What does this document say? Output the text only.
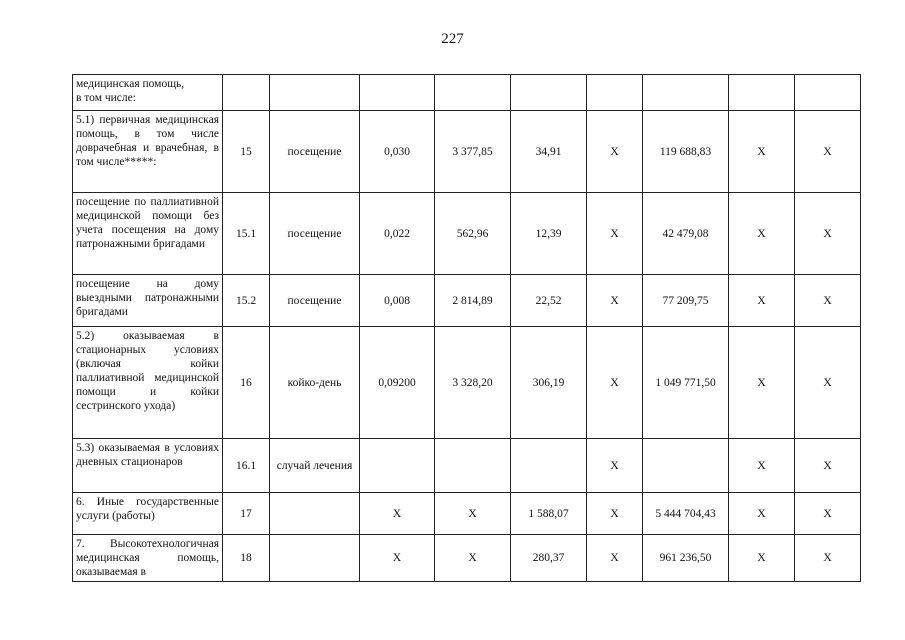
227
медицинская помощь,
в том числе:									

5.1) первичная медицинская помощь, в том числе доврачебная и врачебная, в том числе*****:	15	посещение	0,030	3 377,85	34,91	X	119 688,83	X	X

посещение по паллиативной медицинской помощи без учета посещения на дому патронажными бригадами	15.1	посещение	0,022	562,96	12,39	X	42 479,08	X	X

посещение на дому выездными патронажными бригадами	15.2	посещение	0,008	2 814,89	22,52	X	77 209,75	X	X

5.2) оказываемая в стационарных условиях (включая койки паллиативной медицинской помощи и койки сестринского ухода)	16	койко-день	0,09200	3 328,20	306,19	X	1 049 771,50	X	X

5.3) оказываемая в условиях дневных стационаров	16.1	случай лечения				X		X	X

6. Иные государственные услуги (работы)	17		X	X	1 588,07	X	5 444 704,43	X	X

7. Высокотехнологичная медицинская помощь, оказываемая в	18		X	X	280,37	X	961 236,50	X	X
